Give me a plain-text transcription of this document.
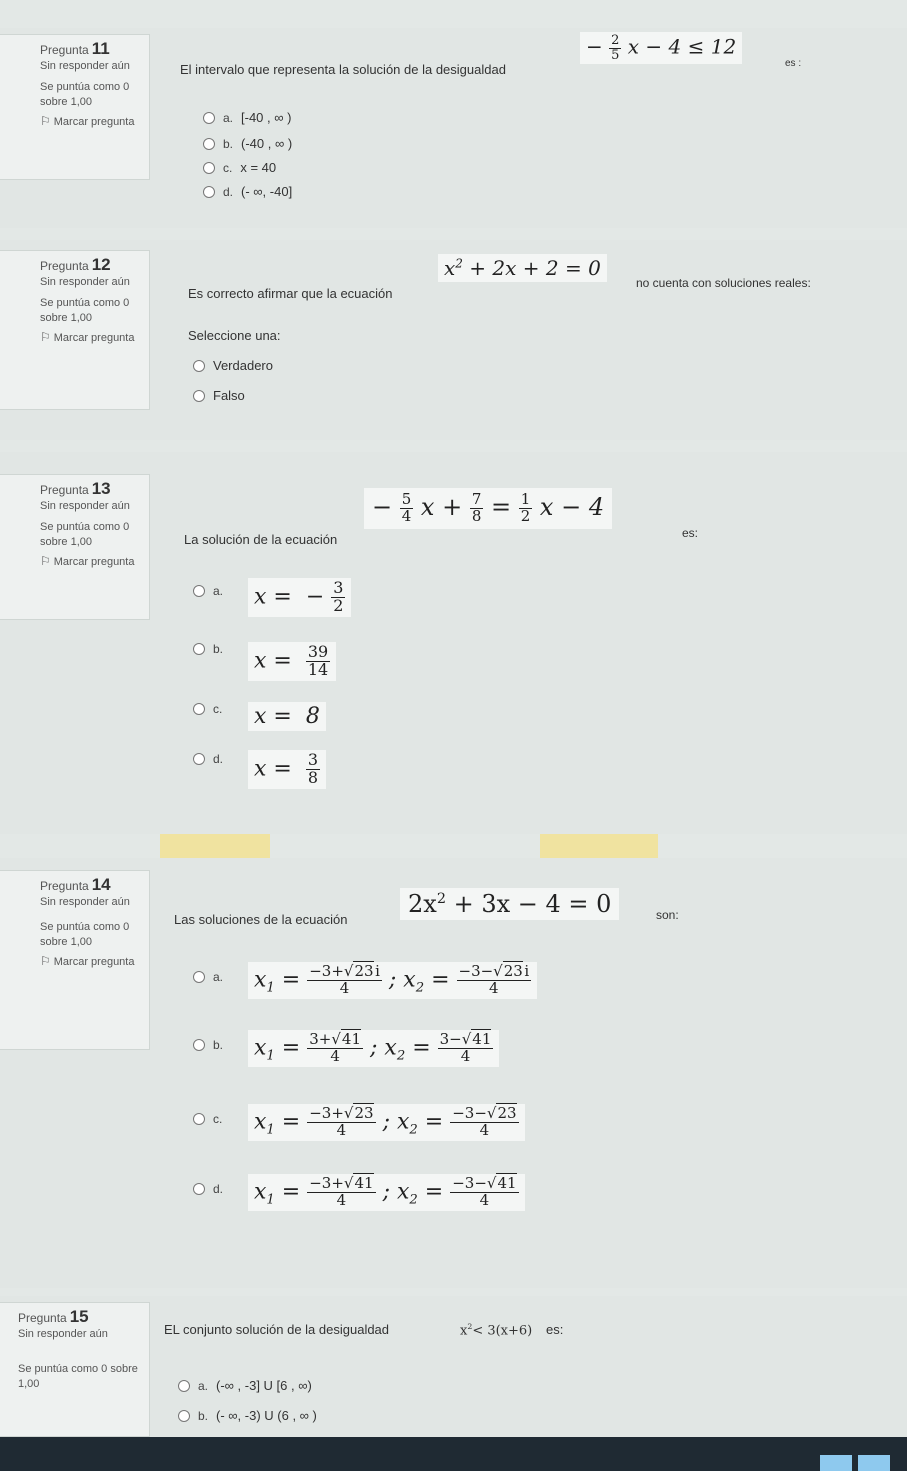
Pregunta 11
Sin responder aún
Se puntúa como 0 sobre 1,00
⚐ Marcar pregunta
El intervalo que representa la solución de la desigualdad
− $\frac{2}{5}$ x − 4 ≤ 12
es :
a. [-40 , ∞ )
b. (-40 , ∞ )
c. x = 40
d. (- ∞, -40]
Pregunta 12
Sin responder aún
Se puntúa como 0 sobre 1,00
⚐ Marcar pregunta
Es correcto afirmar que la ecuación
$x^2 + 2x + 2 = 0$
no cuenta con soluciones reales:
Seleccione una:
Verdadero
Falso
Pregunta 13
Sin responder aún
Se puntúa como 0 sobre 1,00
⚐ Marcar pregunta
La solución de la ecuación
− $\frac{5}{4}$ $x + \frac{7}{8} = \frac{1}{2}$ x − 4
es:
a. x =  − $\frac{3}{2}$
b. $x = \frac{39}{14}$
c. x =  8
d. $x = \frac{3}{8}$
Pregunta 14
Sin responder aún
Se puntúa como 0 sobre 1,00
⚐ Marcar pregunta
Las soluciones de la ecuación
$2x^2 + 3x - 4 = 0$	son:
a. $x_1 = \frac{-3+√23 i}{4}$ ; $x_2 = \frac{-3-√23 i}{4}$
b. $x_1 = \frac{3+√41}{4}$ ; $x_2 = \frac{3-√41}{4}$
c. $x_1 = \frac{-3+√23}{4}$ ; $x_2 = \frac{-3-√23}{4}$
d. $x_1 = \frac{-3+√41}{4}$ ; $x_2 = \frac{-3-√41}{4}$
Pregunta 15
Sin responder aún
Se puntúa como 0 sobre 1,00
EL conjunto solución de la desigualdad	$x^2< 3(x+6)$ es:
a. (-∞ , -3] U [6 , ∞)
b. (- ∞, -3) U (6 , ∞ )
